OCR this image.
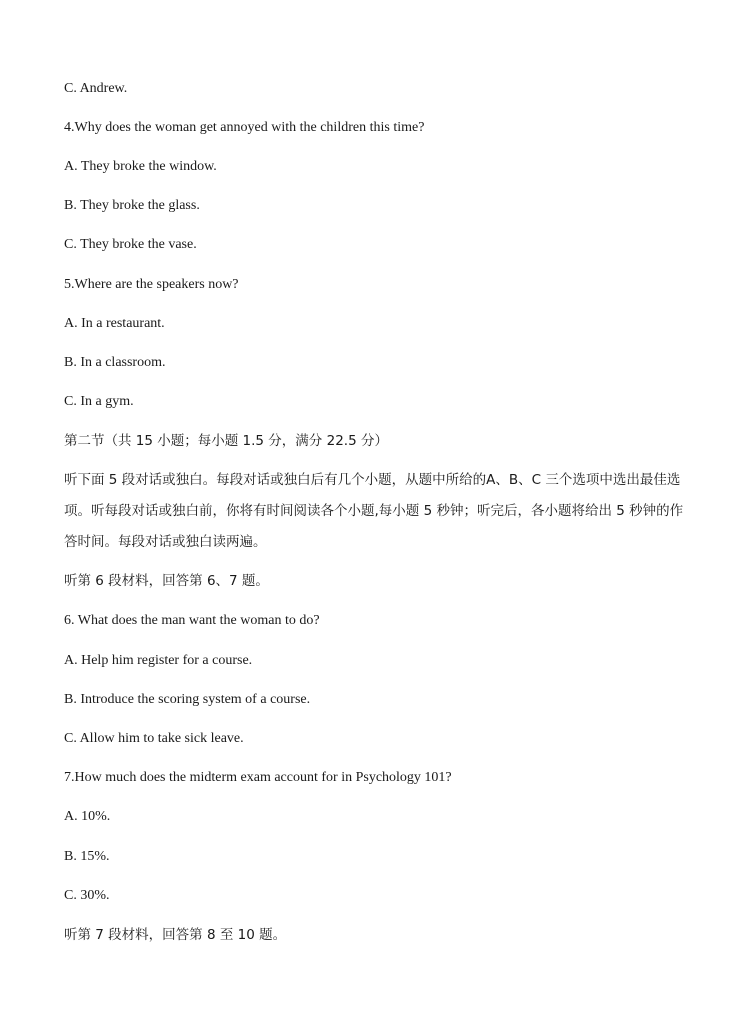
C. Andrew.
4.Why does the woman get annoyed with the children this time?
A. They broke the window.
B. They broke the glass.
C. They broke the vase.
5.Where are the speakers now?
A. In a restaurant.
B. In a classroom.
C. In a gym.
第二节（共 15 小题；每小题 1.5 分，满分 22.5 分）
听下面 5 段对话或独白。每段对话或独白后有几个小题，从题中所给的A、B、C 三个选项中选出最佳选项。听每段对话或独白前，你将有时间阅读各个小题,每小题 5 秒钟；听完后，各小题将给出 5 秒钟的作答时间。每段对话或独白读两遍。
听第 6 段材料，回答第 6、7 题。
6. What does the man want the woman to do?
A. Help him register for a course.
B. Introduce the scoring system of a course.
C. Allow him to take sick leave.
7.How much does the midterm exam account for in Psychology 101?
A. 10%.
B. 15%.
C. 30%.
听第 7 段材料，回答第 8 至 10 题。
